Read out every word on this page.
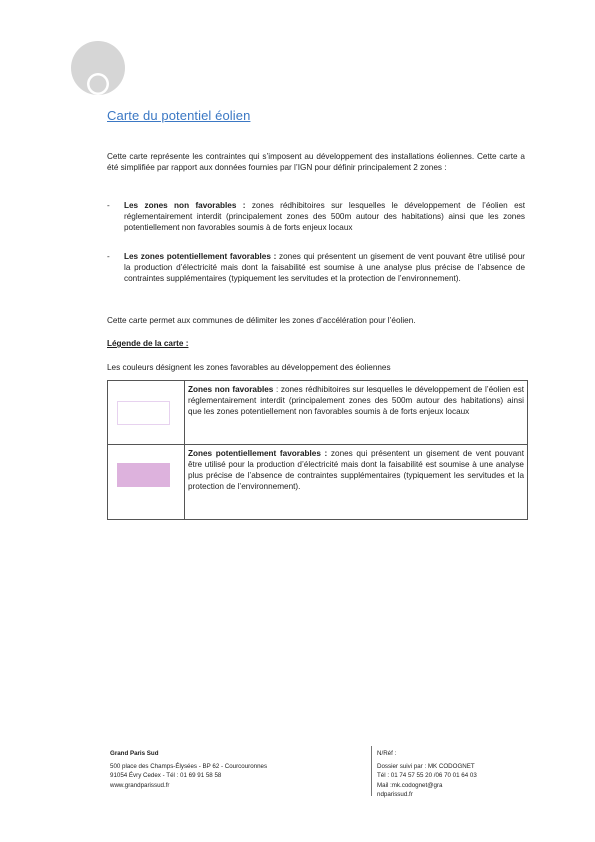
Carte du potentiel éolien
Cette carte représente les contraintes qui s’imposent au développement des installations éoliennes. Cette carte a été simplifiée par rapport aux données fournies par l’IGN pour définir principalement 2 zones :
- Les zones non favorables : zones rédhibitoires sur lesquelles le développement de l’éolien est réglementairement interdit (principalement zones des 500m autour des habitations) ainsi que les zones potentiellement non favorables soumis à de forts enjeux locaux
- Les zones potentiellement favorables : zones qui présentent un gisement de vent pouvant être utilisé pour la production d’électricité mais dont la faisabilité est soumise à une analyse plus précise de l’absence de contraintes supplémentaires (typiquement les servitudes et la protection de l’environnement).
Cette carte permet aux communes de délimiter les zones d’accélération pour l’éolien.
Légende de la carte :
Les couleurs désignent les zones favorables au développement des éoliennes
	Zones non favorables : zones rédhibitoires sur lesquelles le développement de l’éolien est réglementairement interdit (principalement zones des 500m autour des habitations) ainsi que les zones potentiellement non favorables soumis à de forts enjeux locaux

	Zones potentiellement favorables : zones qui présentent un gisement de vent pouvant être utilisé pour la production d’électricité mais dont la faisabilité est soumise à une analyse plus précise de l’absence de contraintes supplémentaires (typiquement les servitudes et la protection de l’environnement).
Grand Paris Sud
500 place des Champs-Élysées - BP 62 - Courcouronnes
91054 Évry Cedex - Tél : 01 69 91 58 58
www.grandparissud.fr
N/Réf :
Dossier suivi par : MK CODOGNET
Tél : 01 74 57 55 20 /06 70 01 64 03
Mail :mk.codognet@gra
ndparissud.fr
